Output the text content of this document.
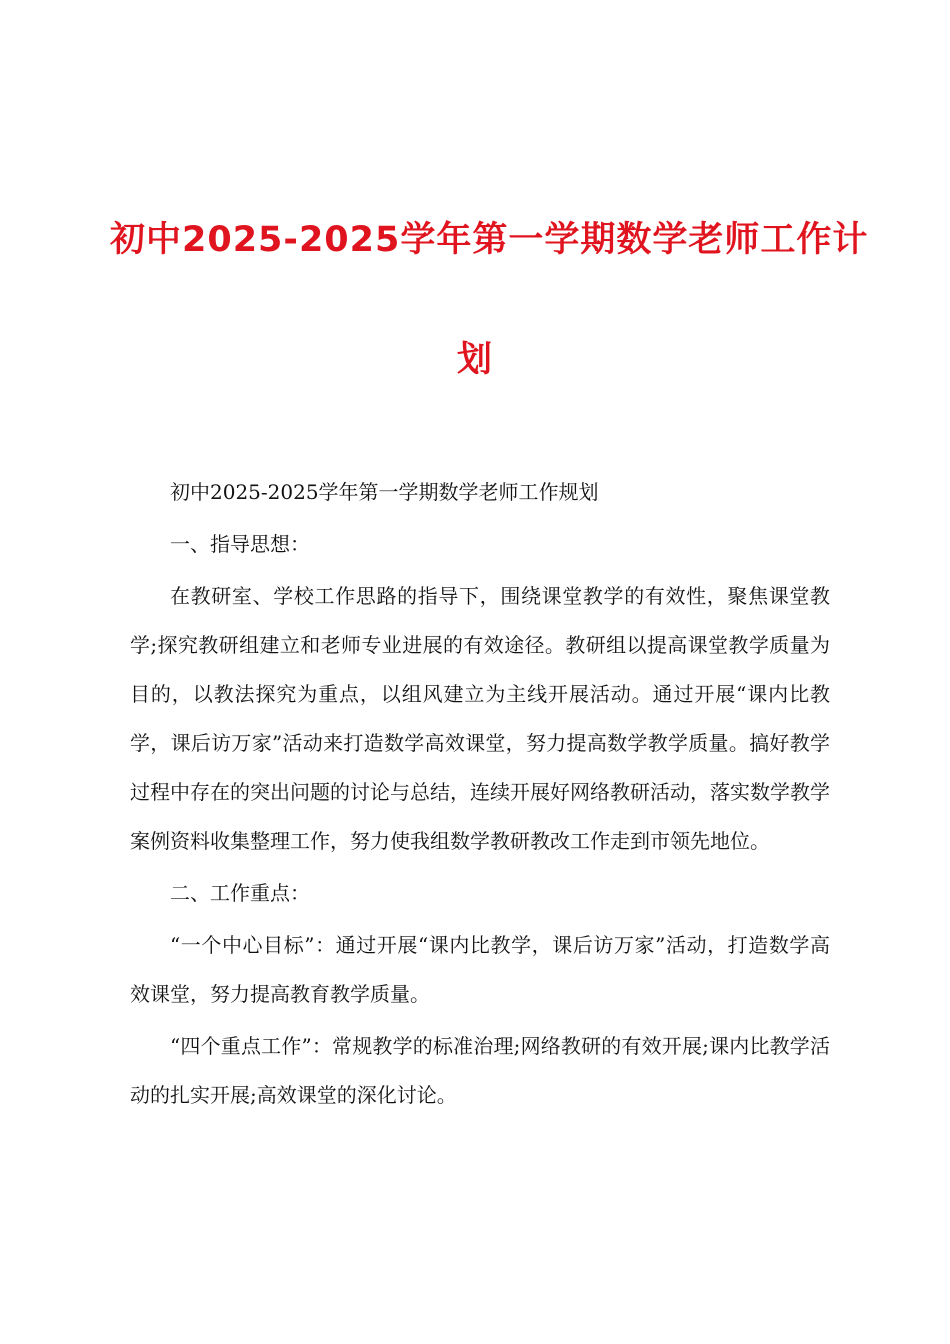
初中2025-2025学年第一学期数学老师工作计
划

初中2025-2025学年第一学期数学老师工作规划

一、指导思想：

在教研室、学校工作思路的指导下，围绕课堂教学的有效性，聚焦课堂教学;探究教研组建立和老师专业进展的有效途径。教研组以提高课堂教学质量为目的，以教法探究为重点，以组风建立为主线开展活动。通过开展“课内比教学，课后访万家”活动来打造数学高效课堂，努力提高数学教学质量。搞好教学过程中存在的突出问题的讨论与总结，连续开展好网络教研活动，落实数学教学案例资料收集整理工作，努力使我组数学教研教改工作走到市领先地位。

二、工作重点：

“一个中心目标”：通过开展“课内比教学，课后访万家”活动，打造数学高效课堂，努力提高教育教学质量。

“四个重点工作”：常规教学的标准治理;网络教研的有效开展;课内比教学活动的扎实开展;高效课堂的深化讨论。
